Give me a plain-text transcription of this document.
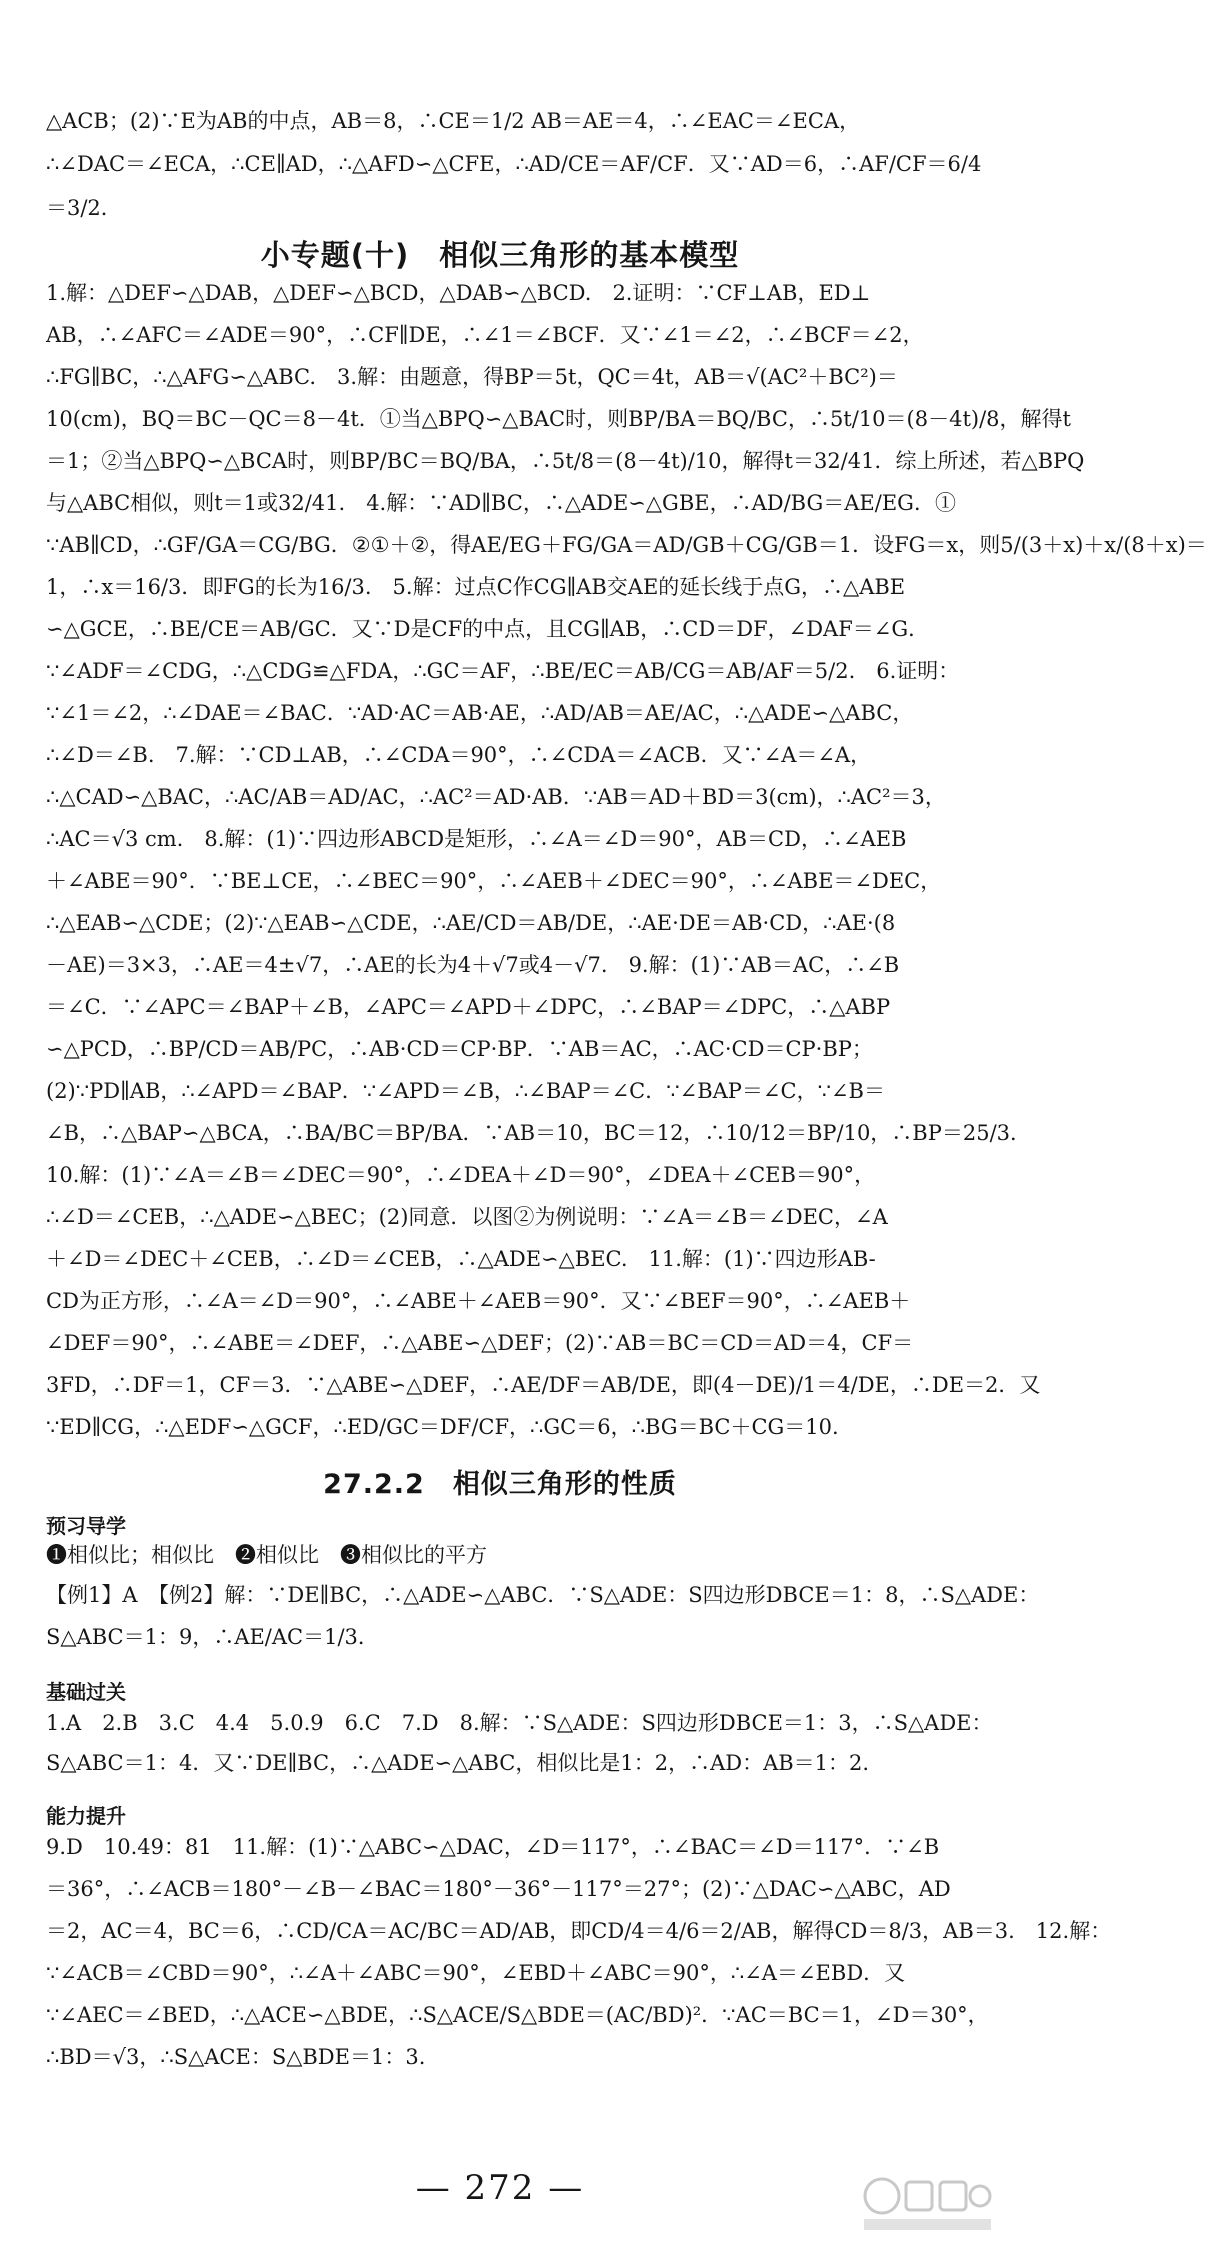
△ACB；(2)∵E为AB的中点，AB＝8，∴CE＝1/2 AB＝AE＝4，∴∠EAC＝∠ECA，
∴∠DAC＝∠ECA，∴CE∥AD，∴△AFD∽△CFE，∴AD/CE＝AF/CF．又∵AD＝6，∴AF/CF＝6/4
＝3/2．
小专题(十)　相似三角形的基本模型
1.解：△DEF∽△DAB，△DEF∽△BCD，△DAB∽△BCD.　2.证明：∵CF⊥AB，ED⊥
AB，∴∠AFC＝∠ADE＝90°，∴CF∥DE，∴∠1＝∠BCF．又∵∠1＝∠2，∴∠BCF＝∠2，
∴FG∥BC，∴△AFG∽△ABC.　3.解：由题意，得BP＝5t，QC＝4t，AB＝√(AC²＋BC²)＝
10(cm)，BQ＝BC－QC＝8－4t．①当△BPQ∽△BAC时，则BP/BA＝BQ/BC，∴5t/10＝(8－4t)/8，解得t
＝1；②当△BPQ∽△BCA时，则BP/BC＝BQ/BA，∴5t/8＝(8－4t)/10，解得t＝32/41．综上所述，若△BPQ
与△ABC相似，则t＝1或32/41.　4.解：∵AD∥BC，∴△ADE∽△GBE，∴AD/BG＝AE/EG．①
∵AB∥CD，∴GF/GA＝CG/BG．②①＋②，得AE/EG＋FG/GA＝AD/GB＋CG/GB＝1．设FG＝x，则5/(3＋x)＋x/(8＋x)＝
1，∴x＝16/3．即FG的长为16/3.　5.解：过点C作CG∥AB交AE的延长线于点G，∴△ABE
∽△GCE，∴BE/CE＝AB/GC．又∵D是CF的中点，且CG∥AB，∴CD＝DF，∠DAF＝∠G．
∵∠ADF＝∠CDG，∴△CDG≌△FDA，∴GC＝AF，∴BE/EC＝AB/CG＝AB/AF＝5/2.　6.证明：
∵∠1＝∠2，∴∠DAE＝∠BAC．∵AD·AC＝AB·AE，∴AD/AB＝AE/AC，∴△ADE∽△ABC，
∴∠D＝∠B.　7.解：∵CD⊥AB，∴∠CDA＝90°，∴∠CDA＝∠ACB．又∵∠A＝∠A，
∴△CAD∽△BAC，∴AC/AB＝AD/AC，∴AC²＝AD·AB．∵AB＝AD＋BD＝3(cm)，∴AC²＝3，
∴AC＝√3 cm.　8.解：(1)∵四边形ABCD是矩形，∴∠A＝∠D＝90°，AB＝CD，∴∠AEB
＋∠ABE＝90°．∵BE⊥CE，∴∠BEC＝90°，∴∠AEB＋∠DEC＝90°，∴∠ABE＝∠DEC，
∴△EAB∽△CDE；(2)∵△EAB∽△CDE，∴AE/CD＝AB/DE，∴AE·DE＝AB·CD，∴AE·(8
－AE)＝3×3，∴AE＝4±√7，∴AE的长为4＋√7或4－√7.　9.解：(1)∵AB＝AC，∴∠B
＝∠C．∵∠APC＝∠BAP＋∠B，∠APC＝∠APD＋∠DPC，∴∠BAP＝∠DPC，∴△ABP
∽△PCD，∴BP/CD＝AB/PC，∴AB·CD＝CP·BP．∵AB＝AC，∴AC·CD＝CP·BP；
(2)∵PD∥AB，∴∠APD＝∠BAP．∵∠APD＝∠B，∴∠BAP＝∠C．∵∠BAP＝∠C，∵∠B＝
∠B，∴△BAP∽△BCA，∴BA/BC＝BP/BA．∵AB＝10，BC＝12，∴10/12＝BP/10，∴BP＝25/3．
10.解：(1)∵∠A＝∠B＝∠DEC＝90°，∴∠DEA＋∠D＝90°，∠DEA＋∠CEB＝90°，
∴∠D＝∠CEB，∴△ADE∽△BEC；(2)同意．以图②为例说明：∵∠A＝∠B＝∠DEC，∠A
＋∠D＝∠DEC＋∠CEB，∴∠D＝∠CEB，∴△ADE∽△BEC.　11.解：(1)∵四边形AB-
CD为正方形，∴∠A＝∠D＝90°，∴∠ABE＋∠AEB＝90°．又∵∠BEF＝90°，∴∠AEB＋
∠DEF＝90°，∴∠ABE＝∠DEF，∴△ABE∽△DEF；(2)∵AB＝BC＝CD＝AD＝4，CF＝
3FD，∴DF＝1，CF＝3．∵△ABE∽△DEF，∴AE/DF＝AB/DE，即(4－DE)/1＝4/DE，∴DE＝2．又
∵ED∥CG，∴△EDF∽△GCF，∴ED/GC＝DF/CF，∴GC＝6，∴BG＝BC＋CG＝10.
27.2.2　相似三角形的性质
预习导学
❶相似比；相似比　❷相似比　❸相似比的平方
【例1】A　【例2】解：∵DE∥BC，∴△ADE∽△ABC．∵S△ADE：S四边形DBCE＝1：8，∴S△ADE：
S△ABC＝1：9，∴AE/AC＝1/3．
基础过关
1.A　2.B　3.C　4.4　5.0.9　6.C　7.D　8.解：∵S△ADE：S四边形DBCE＝1：3，∴S△ADE：
S△ABC＝1：4．又∵DE∥BC，∴△ADE∽△ABC，相似比是1：2，∴AD：AB＝1：2.
能力提升
9.D　10.49：81　11.解：(1)∵△ABC∽△DAC，∠D＝117°，∴∠BAC＝∠D＝117°．∵∠B
＝36°，∴∠ACB＝180°－∠B－∠BAC＝180°－36°－117°＝27°；(2)∵△DAC∽△ABC，AD
＝2，AC＝4，BC＝6，∴CD/CA＝AC/BC＝AD/AB，即CD/4＝4/6＝2/AB，解得CD＝8/3，AB＝3.　12.解：
∵∠ACB＝∠CBD＝90°，∴∠A＋∠ABC＝90°，∠EBD＋∠ABC＝90°，∴∠A＝∠EBD．又
∵∠AEC＝∠BED，∴△ACE∽△BDE，∴S△ACE/S△BDE＝(AC/BD)²．∵AC＝BC＝1，∠D＝30°，
∴BD＝√3，∴S△ACE：S△BDE＝1：3.
— 272 —
